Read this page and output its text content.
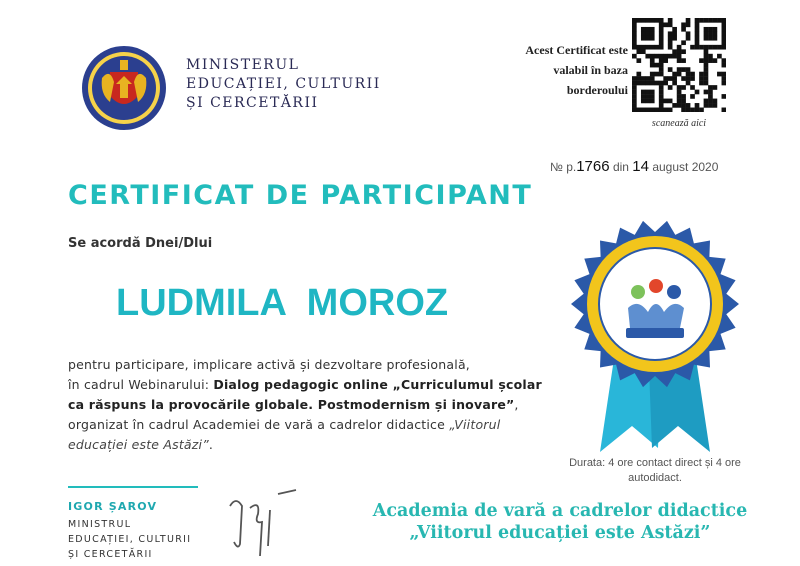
MINISTERUL
EDUCAȚIEI, CULTURII
ȘI CERCETĂRII
Acest Certificat este
valabil în baza
borderoului
scanează aici
№ p.1766 din 14 august 2020
CERTIFICAT DE PARTICIPANT
Se acordă Dnei/Dlui
LUDMILA  MOROZ
pentru participare, implicare activă și dezvoltare profesională,
în cadrul Webinarului: Dialog pedagogic online „Curriculumul școlar ca răspuns la provocările globale. Postmodernism și inovare”, organizat în cadrul Academiei de vară a cadrelor didactice „Viitorul educației este Astăzi”.
Durata: 4 ore contact direct și 4 ore autodidact.
IGOR ȘAROV
MINISTRUL
EDUCAȚIEI, CULTURII
ȘI CERCETĂRII
Academia de vară a cadrelor didactice
„Viitorul educației este Astăzi”
